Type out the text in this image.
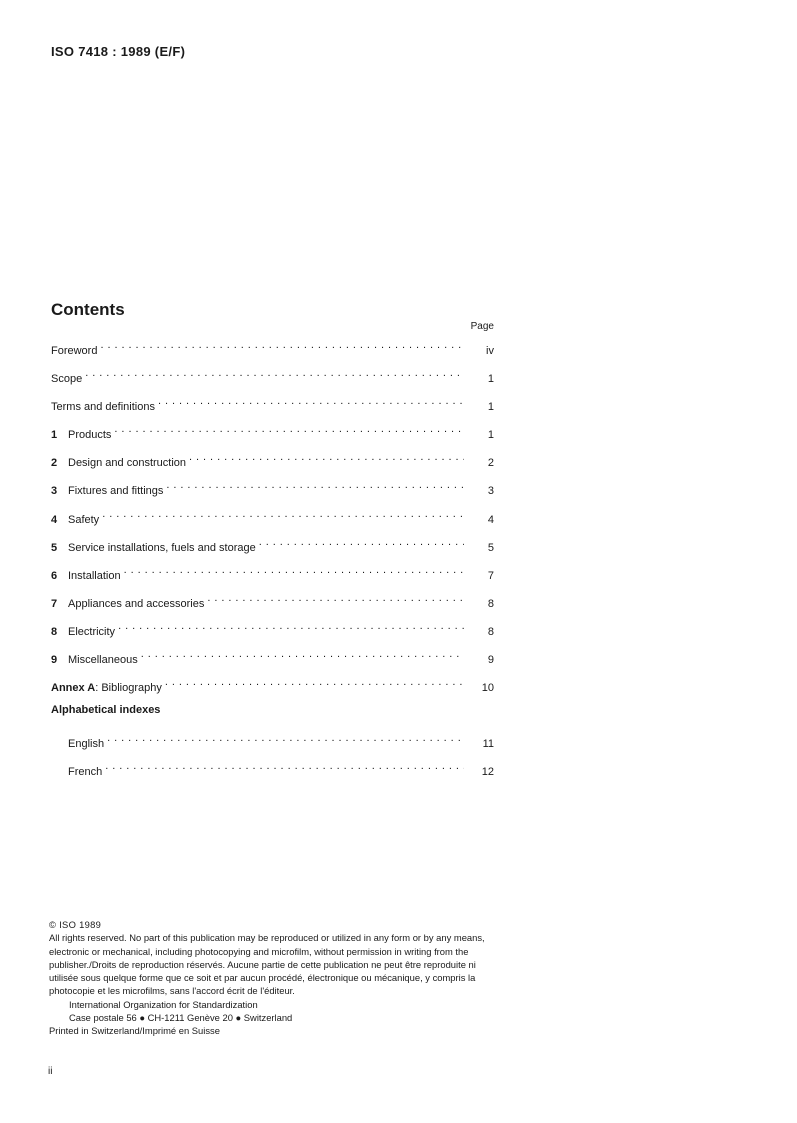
ISO 7418 : 1989 (E/F)
Contents
Page
Foreword . . .	iv
Scope . . .	1
Terms and definitions . . .	1
1 Products . . .	1
2 Design and construction . . .	2
3 Fixtures and fittings . . .	3
4 Safety . . .	4
5 Service installations, fuels and storage . . .	5
6 Installation . . .	7
7 Appliances and accessories . . .	8
8 Electricity . . .	8
9 Miscellaneous . . .	9
Annex A : Bibliography . . .	10
Alphabetical indexes
English . . .	11
French . . .	12

© ISO 1989

All rights reserved. No part of this publication may be reproduced or utilized in any form or by any means, electronic or mechanical, including photocopying and microfilm, without permission in writing from the publisher./Droits de reproduction réservés. Aucune partie de cette publication ne peut être reproduite ni utilisée sous quelque forme que ce soit et par aucun procédé, électronique ou mécanique, y compris la photocopie et les microfilms, sans l'accord écrit de l'éditeur.

International Organization for Standardization

Case postale 56 ● CH-1211 Genève 20 ● Switzerland

Printed in Switzerland/Imprimé en Suisse

ii
